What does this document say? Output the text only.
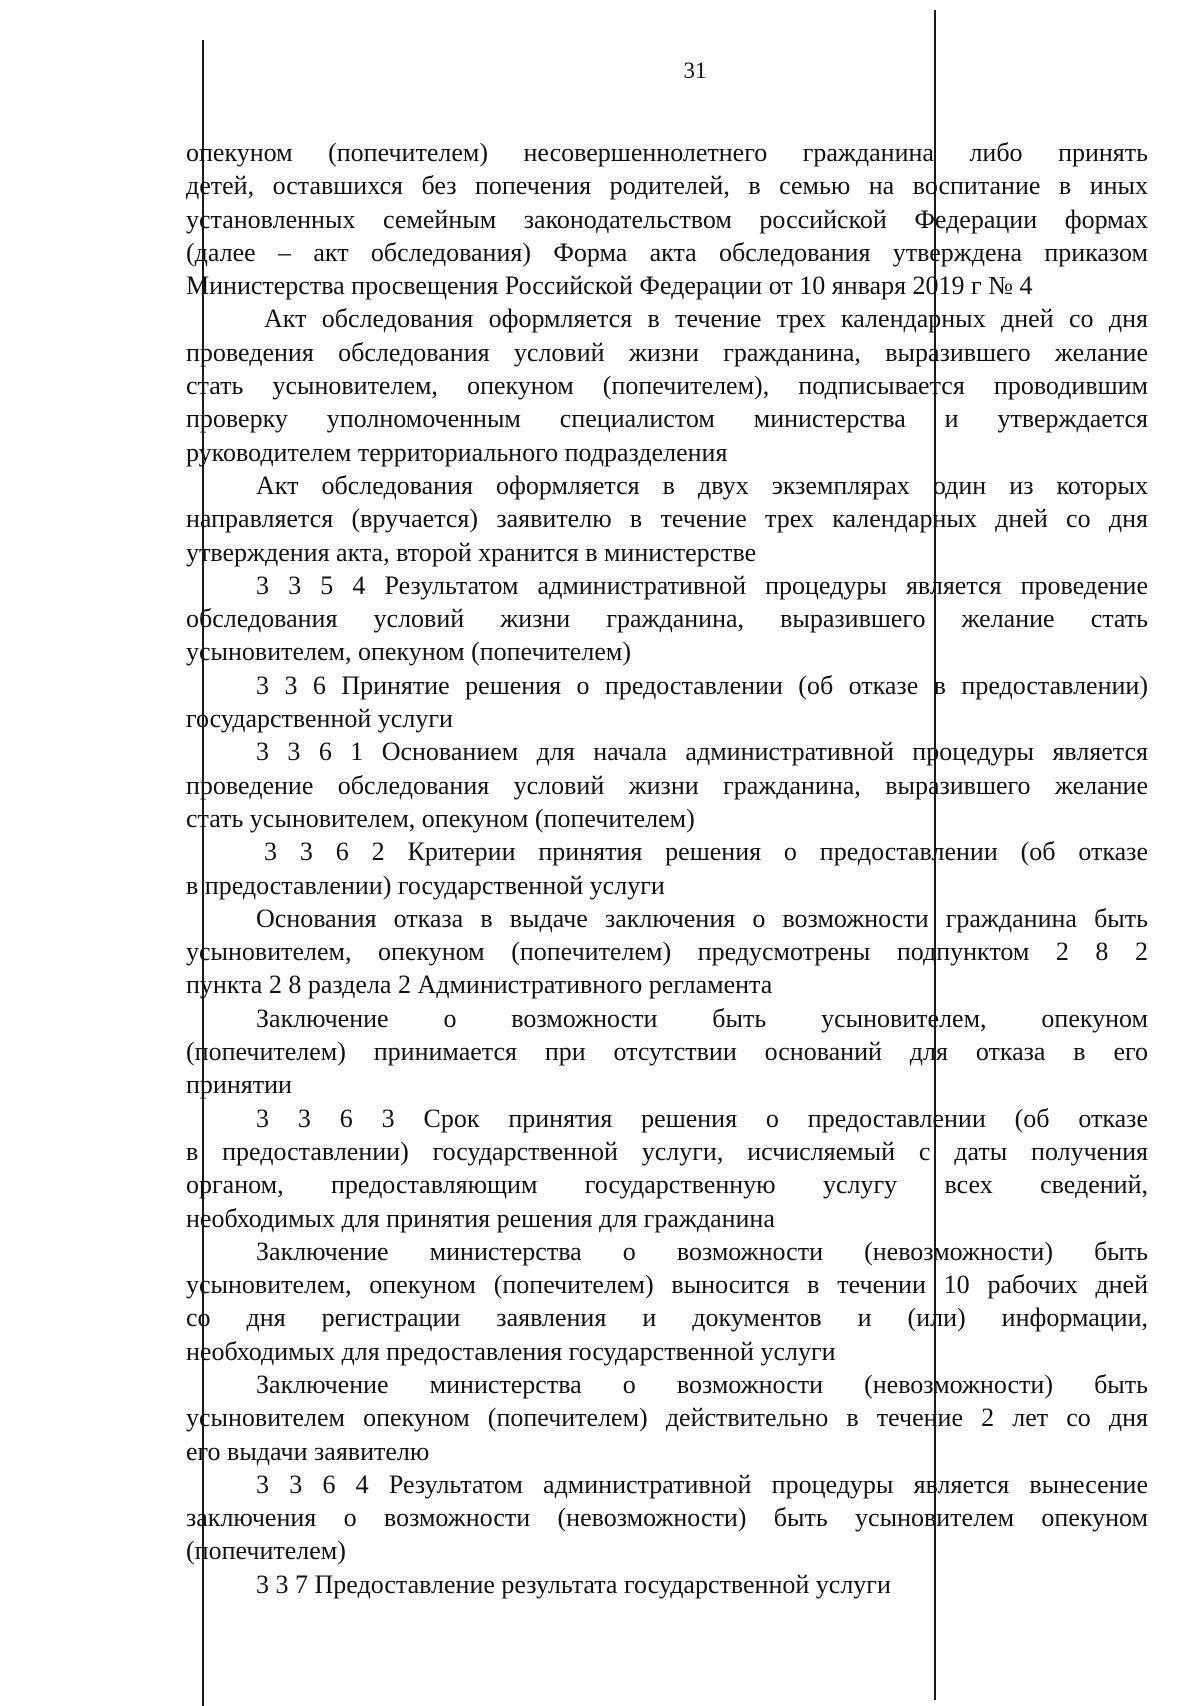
31
опекуном (попечителем) несовершеннолетнего гражданина либо принять
детей, оставшихся без попечения родителей, в семью на воспитание в иных
установленных семейным законодательством российской Федерации формах
(далее – акт обследования) Форма акта обследования утверждена приказом
Министерства просвещения Российской Федерации от 10 января 2019 г № 4
Акт обследования оформляется в течение трех календарных дней со дня
проведения обследования условий жизни гражданина, выразившего желание
стать усыновителем, опекуном (попечителем), подписывается проводившим
проверку уполномоченным специалистом министерства и утверждается
руководителем территориального подразделения
Акт обследования оформляется в двух экземплярах один из которых
направляется (вручается) заявителю в течение трех календарных дней со дня
утверждения акта, второй хранится в министерстве
3 3 5 4 Результатом административной процедуры является проведение
обследования условий жизни гражданина, выразившего желание стать
усыновителем, опекуном (попечителем)
3 3 6 Принятие решения о предоставлении (об отказе в предоставлении)
государственной услуги
3 3 6 1 Основанием для начала административной процедуры является
проведение обследования условий жизни гражданина, выразившего желание
стать усыновителем, опекуном (попечителем)
3 3 6 2 Критерии принятия решения о предоставлении (об отказе
в предоставлении) государственной услуги
Основания отказа в выдаче заключения о возможности гражданина быть
усыновителем, опекуном (попечителем) предусмотрены подпунктом 2 8 2
пункта 2 8 раздела 2 Административного регламента
Заключение о возможности быть усыновителем, опекуном
(попечителем) принимается при отсутствии оснований для отказа в его
принятии
3 3 6 3 Срок принятия решения о предоставлении (об отказе
в предоставлении) государственной услуги, исчисляемый с даты получения
органом, предоставляющим государственную услугу всех сведений,
необходимых для принятия решения для гражданина
Заключение министерства о возможности (невозможности) быть
усыновителем, опекуном (попечителем) выносится в течении 10 рабочих дней
со дня регистрации заявления и документов и (или) информации,
необходимых для предоставления государственной услуги
Заключение министерства о возможности (невозможности) быть
усыновителем опекуном (попечителем) действительно в течение 2 лет со дня
его выдачи заявителю
3 3 6 4 Результатом административной процедуры является вынесение
заключения о возможности (невозможности) быть усыновителем опекуном
(попечителем)
3 3 7 Предоставление результата государственной услуги
